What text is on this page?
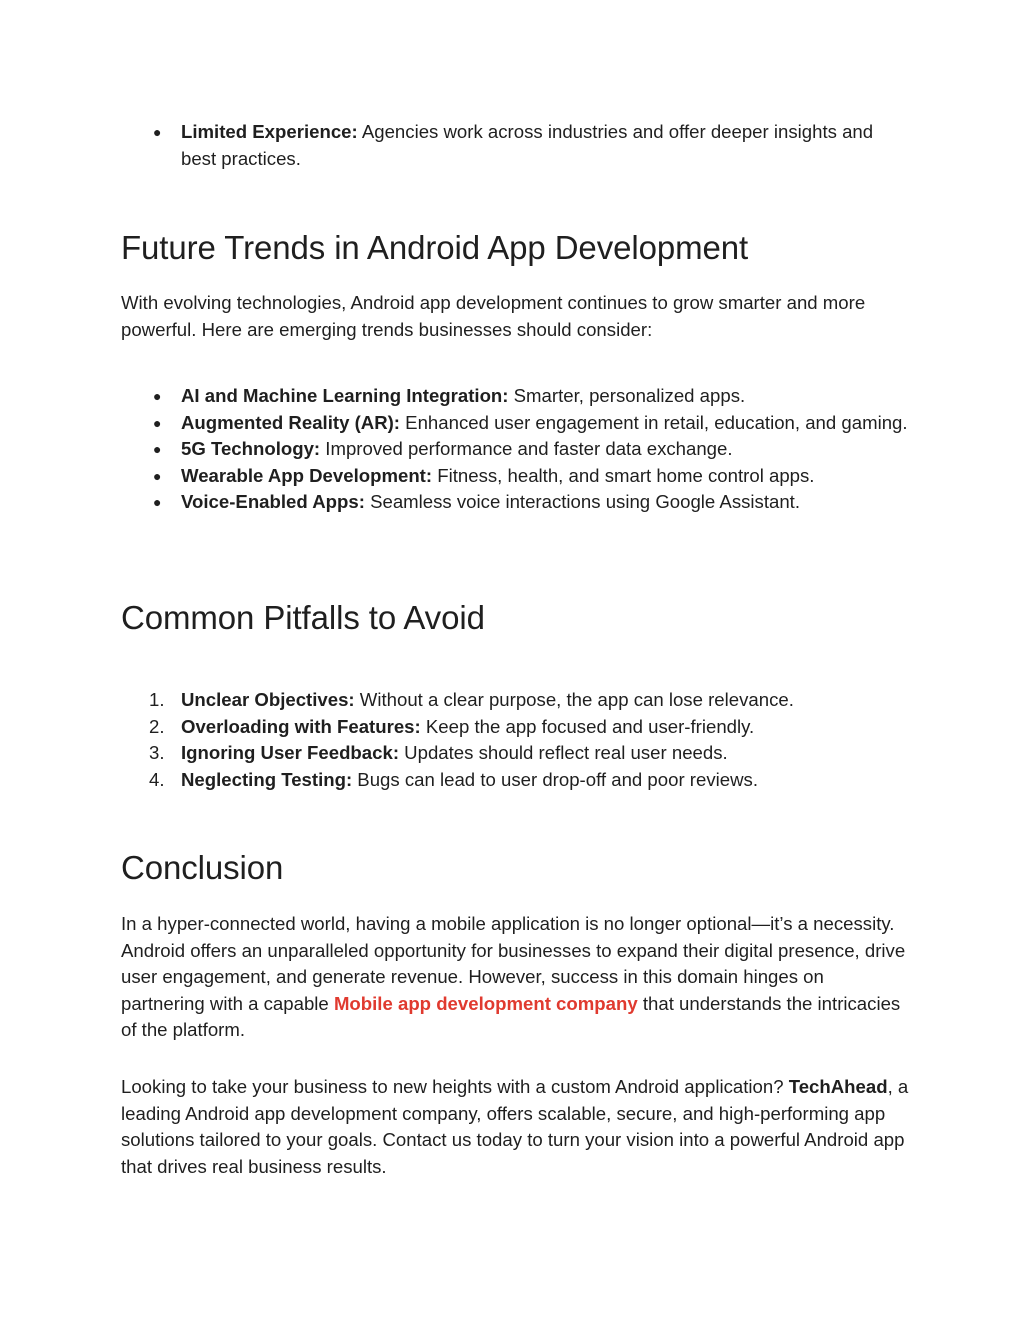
●	Limited Experience: Agencies work across industries and offer deeper insights and best practices.
Future Trends in Android App Development

With evolving technologies, Android app development continues to grow smarter and more powerful. Here are emerging trends businesses should consider:

●	AI and Machine Learning Integration: Smarter, personalized apps.
●	Augmented Reality (AR): Enhanced user engagement in retail, education, and gaming.
●	5G Technology: Improved performance and faster data exchange.
●	Wearable App Development: Fitness, health, and smart home control apps.
●	Voice-Enabled Apps: Seamless voice interactions using Google Assistant.
Common Pitfalls to Avoid
1. Unclear Objectives: Without a clear purpose, the app can lose relevance.
2. Overloading with Features: Keep the app focused and user-friendly.
3. Ignoring User Feedback: Updates should reflect real user needs.
4. Neglecting Testing: Bugs can lead to user drop-off and poor reviews.
Conclusion

In a hyper-connected world, having a mobile application is no longer optional—it’s a necessity. Android offers an unparalleled opportunity for businesses to expand their digital presence, drive user engagement, and generate revenue. However, success in this domain hinges on partnering with a capable Mobile app development company that understands the intricacies of the platform.

Looking to take your business to new heights with a custom Android application? TechAhead, a leading Android app development company, offers scalable, secure, and high-performing app solutions tailored to your goals. Contact us today to turn your vision into a powerful Android app that drives real business results.
